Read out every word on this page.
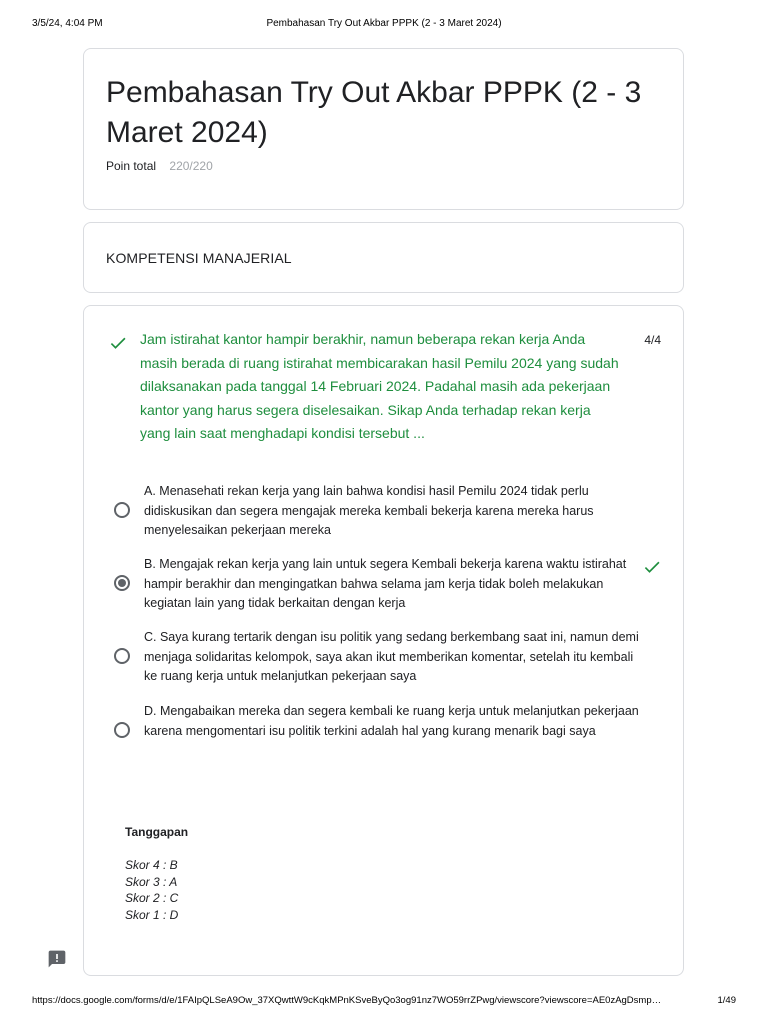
3/5/24, 4:04 PM	Pembahasan Try Out Akbar PPPK (2 - 3 Maret 2024)
Pembahasan Try Out Akbar PPPK (2 - 3 Maret 2024)
Poin total 220/220
KOMPETENSI MANAJERIAL
Jam istirahat kantor hampir berakhir, namun beberapa rekan kerja Anda masih berada di ruang istirahat membicarakan hasil Pemilu 2024 yang sudah dilaksanakan pada tanggal 14 Februari 2024. Padahal masih ada pekerjaan kantor yang harus segera diselesaikan. Sikap Anda terhadap rekan kerja yang lain saat menghadapi kondisi tersebut ...
4/4
A. Menasehati rekan kerja yang lain bahwa kondisi hasil Pemilu 2024 tidak perlu didiskusikan dan segera mengajak mereka kembali bekerja karena mereka harus menyelesaikan pekerjaan mereka
B. Mengajak rekan kerja yang lain untuk segera Kembali bekerja karena waktu istirahat hampir berakhir dan mengingatkan bahwa selama jam kerja tidak boleh melakukan kegiatan lain yang tidak berkaitan dengan kerja
C. Saya kurang tertarik dengan isu politik yang sedang berkembang saat ini, namun demi menjaga solidaritas kelompok, saya akan ikut memberikan komentar, setelah itu kembali ke ruang kerja untuk melanjutkan pekerjaan saya
D. Mengabaikan mereka dan segera kembali ke ruang kerja untuk melanjutkan pekerjaan karena mengomentari isu politik terkini adalah hal yang kurang menarik bagi saya
Tanggapan
Skor 4 : B
Skor 3 : A
Skor 2 : C
Skor 1 : D
https://docs.google.com/forms/d/e/1FAIpQLSeA9Ow_37XQwttW9cKqkMPnKSveByQo3og91nz7WO59rrZPwg/viewscore?viewscore=AE0zAgDsmp…	1/49
